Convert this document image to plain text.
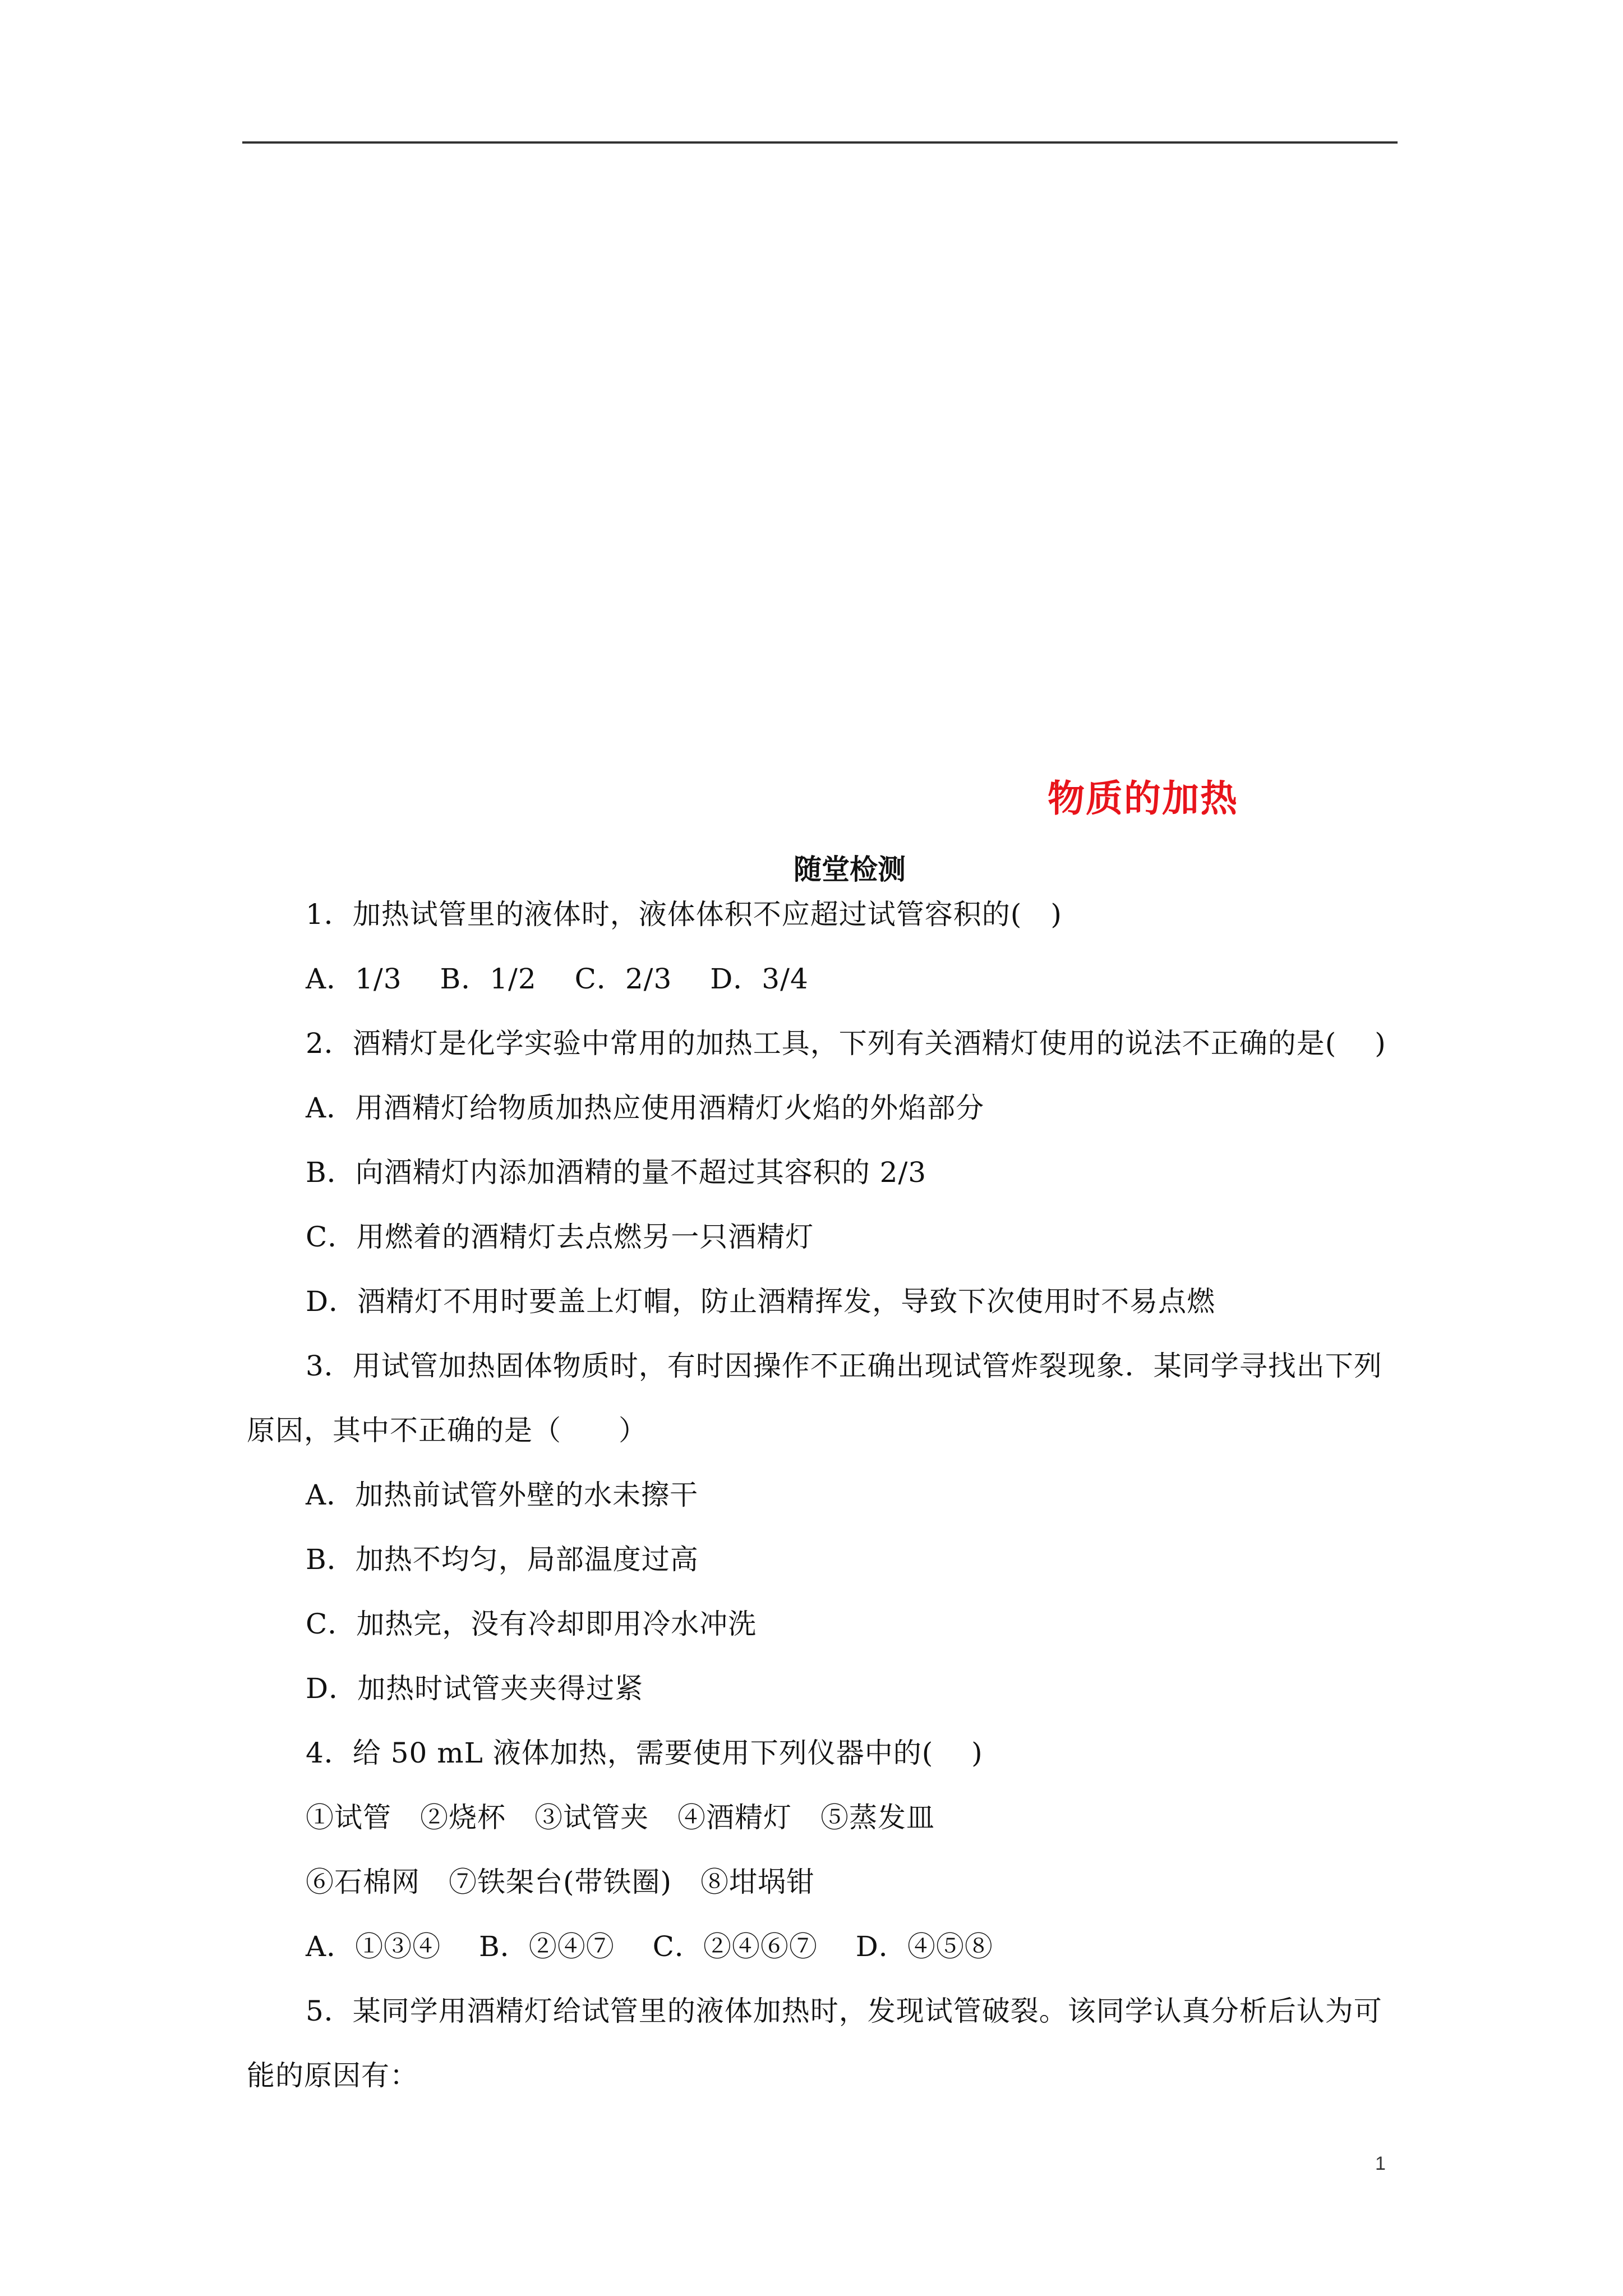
物质的加热
随堂检测
1．加热试管里的液体时，液体体积不应超过试管容积的(　)
A．1/3　 B．1/2　 C．2/3　 D．3/4
2．酒精灯是化学实验中常用的加热工具，下列有关酒精灯使用的说法不正确的是(　 )
A．用酒精灯给物质加热应使用酒精灯火焰的外焰部分
B．向酒精灯内添加酒精的量不超过其容积的 2/3
C．用燃着的酒精灯去点燃另一只酒精灯
D．酒精灯不用时要盖上灯帽，防止酒精挥发，导致下次使用时不易点燃
3．用试管加热固体物质时，有时因操作不正确出现试管炸裂现象．某同学寻找出下列
原因，其中不正确的是（　　）
A．加热前试管外壁的水未擦干
B．加热不均匀，局部温度过高
C．加热完，没有冷却即用冷水冲洗
D．加热时试管夹夹得过紧
4．给 50 mL 液体加热，需要使用下列仪器中的(　 )
①试管　②烧杯　③试管夹　④酒精灯　⑤蒸发皿
⑥石棉网　⑦铁架台(带铁圈)　⑧坩埚钳
A．①③④　 B．②④⑦　 C．②④⑥⑦　 D．④⑤⑧
5．某同学用酒精灯给试管里的液体加热时，发现试管破裂。该同学认真分析后认为可
能的原因有：
1
